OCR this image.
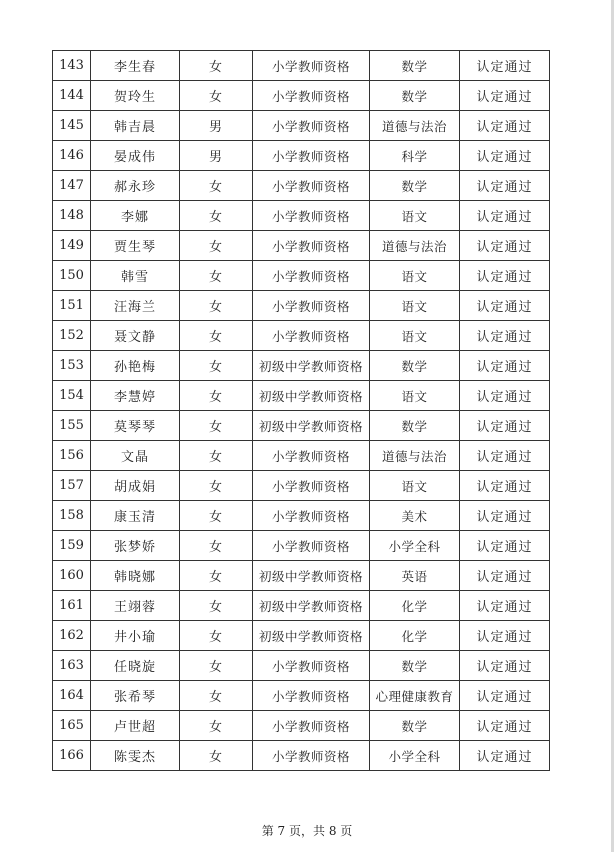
143	李生春	女	小学教师资格	数学	认定通过
144	贺玲生	女	小学教师资格	数学	认定通过
145	韩吉晨	男	小学教师资格	道德与法治	认定通过
146	晏成伟	男	小学教师资格	科学	认定通过
147	郝永珍	女	小学教师资格	数学	认定通过
148	李娜	女	小学教师资格	语文	认定通过
149	贾生琴	女	小学教师资格	道德与法治	认定通过
150	韩雪	女	小学教师资格	语文	认定通过
151	汪海兰	女	小学教师资格	语文	认定通过
152	聂文静	女	小学教师资格	语文	认定通过
153	孙艳梅	女	初级中学教师资格	数学	认定通过
154	李慧婷	女	初级中学教师资格	语文	认定通过
155	莫琴琴	女	初级中学教师资格	数学	认定通过
156	文晶	女	小学教师资格	道德与法治	认定通过
157	胡成娟	女	小学教师资格	语文	认定通过
158	康玉清	女	小学教师资格	美术	认定通过
159	张梦娇	女	小学教师资格	小学全科	认定通过
160	韩晓娜	女	初级中学教师资格	英语	认定通过
161	王翊蓉	女	初级中学教师资格	化学	认定通过
162	井小瑜	女	初级中学教师资格	化学	认定通过
163	任晓旋	女	小学教师资格	数学	认定通过
164	张希琴	女	小学教师资格	心理健康教育	认定通过
165	卢世超	女	小学教师资格	数学	认定通过
166	陈雯杰	女	小学教师资格	小学全科	认定通过
第 7 页，共 8 页
